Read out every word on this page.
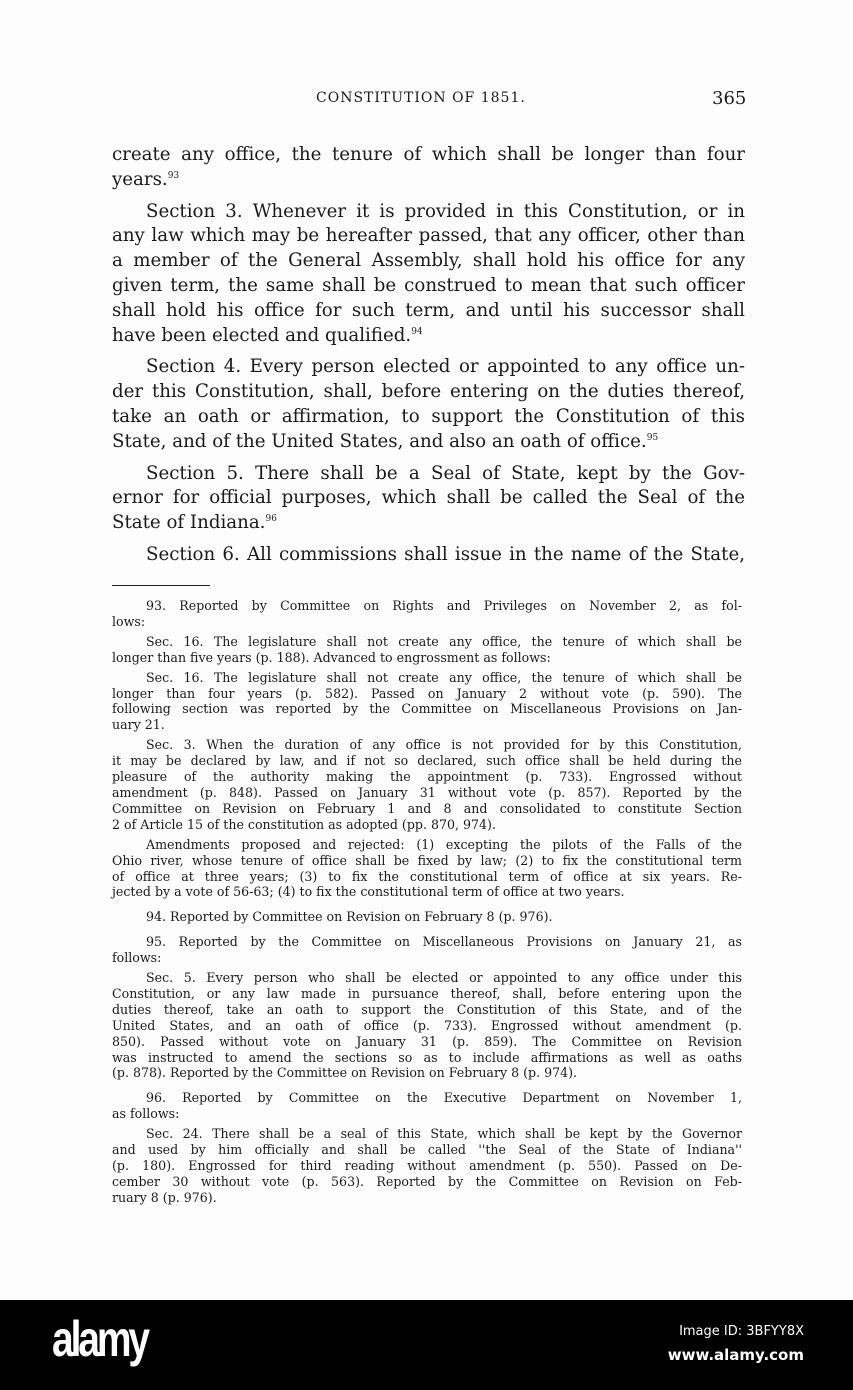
CONSTITUTION OF 1851.	365
create any office, the tenure of which shall be longer than four
years.$^{93}$
Section 3. Whenever it is provided in this Constitution, or in
any law which may be hereafter passed, that any officer, other than
a member of the General Assembly, shall hold his office for any
given term, the same shall be construed to mean that such officer
shall hold his office for such term, and until his successor shall
have been elected and qualified.$^{94}$
Section 4. Every person elected or appointed to any office un-
der this Constitution, shall, before entering on the duties thereof,
take an oath or affirmation, to support the Constitution of this
State, and of the United States, and also an oath of office.$^{95}$
Section 5. There shall be a Seal of State, kept by the Gov-
ernor for official purposes, which shall be called the Seal of the
State of Indiana.$^{96}$
Section 6. All commissions shall issue in the name of the State,
93. Reported by Committee on Rights and Privileges on November 2, as fol-
lows:
Sec. 16. The legislature shall not create any office, the tenure of which shall be
longer than five years (p. 188). Advanced to engrossment as follows:
Sec. 16. The legislature shall not create any office, the tenure of which shall be
longer than four years (p. 582). Passed on January 2 without vote (p. 590). The
following section was reported by the Committee on Miscellaneous Provisions on Jan-
uary 21.
Sec. 3. When the duration of any office is not provided for by this Constitution,
it may be declared by law, and if not so declared, such office shall be held during the
pleasure of the authority making the appointment (p. 733). Engrossed without
amendment (p. 848). Passed on January 31 without vote (p. 857). Reported by the
Committee on Revision on February 1 and 8 and consolidated to constitute Section
2 of Article 15 of the constitution as adopted (pp. 870, 974).
Amendments proposed and rejected: (1) excepting the pilots of the Falls of the
Ohio river, whose tenure of office shall be fixed by law; (2) to fix the constitutional term
of office at three years; (3) to fix the constitutional term of office at six years. Re-
jected by a vote of 56-63; (4) to fix the constitutional term of office at two years.
94. Reported by Committee on Revision on February 8 (p. 976).
95. Reported by the Committee on Miscellaneous Provisions on January 21, as
follows:
Sec. 5. Every person who shall be elected or appointed to any office under this
Constitution, or any law made in pursuance thereof, shall, before entering upon the
duties thereof, take an oath to support the Constitution of this State, and of the
United States, and an oath of office (p. 733). Engrossed without amendment (p.
850). Passed without vote on January 31 (p. 859). The Committee on Revision
was instructed to amend the sections so as to include affirmations as well as oaths
(p. 878). Reported by the Committee on Revision on February 8 (p. 974).
96. Reported by Committee on the Executive Department on November 1,
as follows:
Sec. 24. There shall be a seal of this State, which shall be kept by the Governor
and used by him officially and shall be called ''the Seal of the State of Indiana''
(p. 180). Engrossed for third reading without amendment (p. 550). Passed on De-
cember 30 without vote (p. 563). Reported by the Committee on Revision on Feb-
ruary 8 (p. 976).
alamy	Image ID: 3BFYY8X
www.alamy.com
